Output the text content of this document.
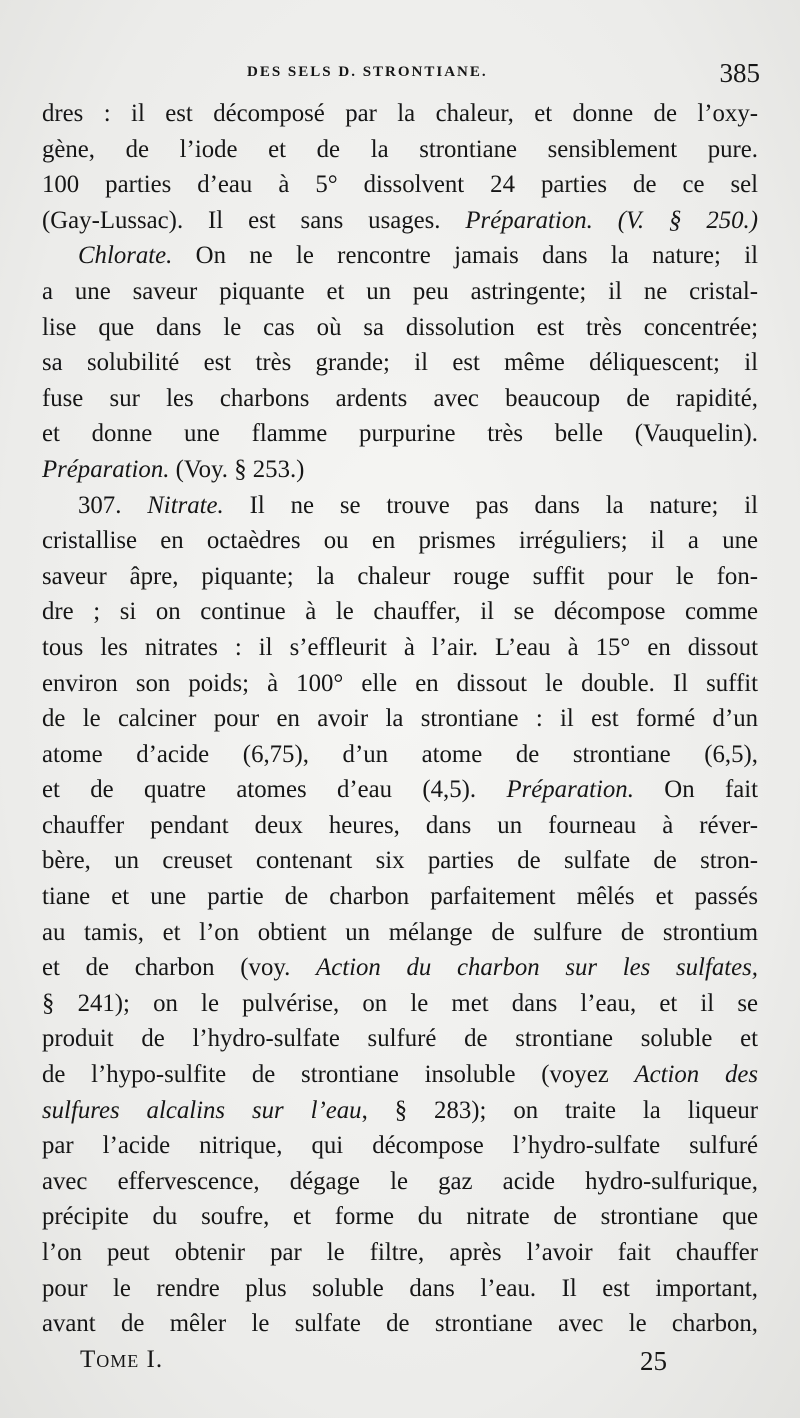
DES SELS D. STRONTIANE.	385
dres : il est décomposé par la chaleur, et donne de l’oxy-
gène, de l’iode et de la strontiane sensiblement pure.
100 parties d’eau à 5° dissolvent 24 parties de ce sel
(Gay-Lussac). Il est sans usages. Préparation. (V. § 250.)
Chlorate. On ne le rencontre jamais dans la nature; il
a une saveur piquante et un peu astringente; il ne cristal-
lise que dans le cas où sa dissolution est très concentrée;
sa solubilité est très grande; il est même déliquescent; il
fuse sur les charbons ardents avec beaucoup de rapidité,
et donne une flamme purpurine très belle (Vauquelin).
Préparation. (Voy. § 253.)
307. Nitrate. Il ne se trouve pas dans la nature; il
cristallise en octaèdres ou en prismes irréguliers; il a une
saveur âpre, piquante; la chaleur rouge suffit pour le fon-
dre ; si on continue à le chauffer, il se décompose comme
tous les nitrates : il s’effleurit à l’air. L’eau à 15° en dissout
environ son poids; à 100° elle en dissout le double. Il suffit
de le calciner pour en avoir la strontiane : il est formé d’un
atome d’acide (6,75), d’un atome de strontiane (6,5),
et de quatre atomes d’eau (4,5). Préparation. On fait
chauffer pendant deux heures, dans un fourneau à réver-
bère, un creuset contenant six parties de sulfate de stron-
tiane et une partie de charbon parfaitement mêlés et passés
au tamis, et l’on obtient un mélange de sulfure de strontium
et de charbon (voy. Action du charbon sur les sulfates,
§ 241); on le pulvérise, on le met dans l’eau, et il se
produit de l’hydro-sulfate sulfuré de strontiane soluble et
de l’hypo-sulfite de strontiane insoluble (voyez Action des
sulfures alcalins sur l’eau, § 283); on traite la liqueur
par l’acide nitrique, qui décompose l’hydro-sulfate sulfuré
avec effervescence, dégage le gaz acide hydro-sulfurique,
précipite du soufre, et forme du nitrate de strontiane que
l’on peut obtenir par le filtre, après l’avoir fait chauffer
pour le rendre plus soluble dans l’eau. Il est important,
avant de mêler le sulfate de strontiane avec le charbon,
Tome I.	25
